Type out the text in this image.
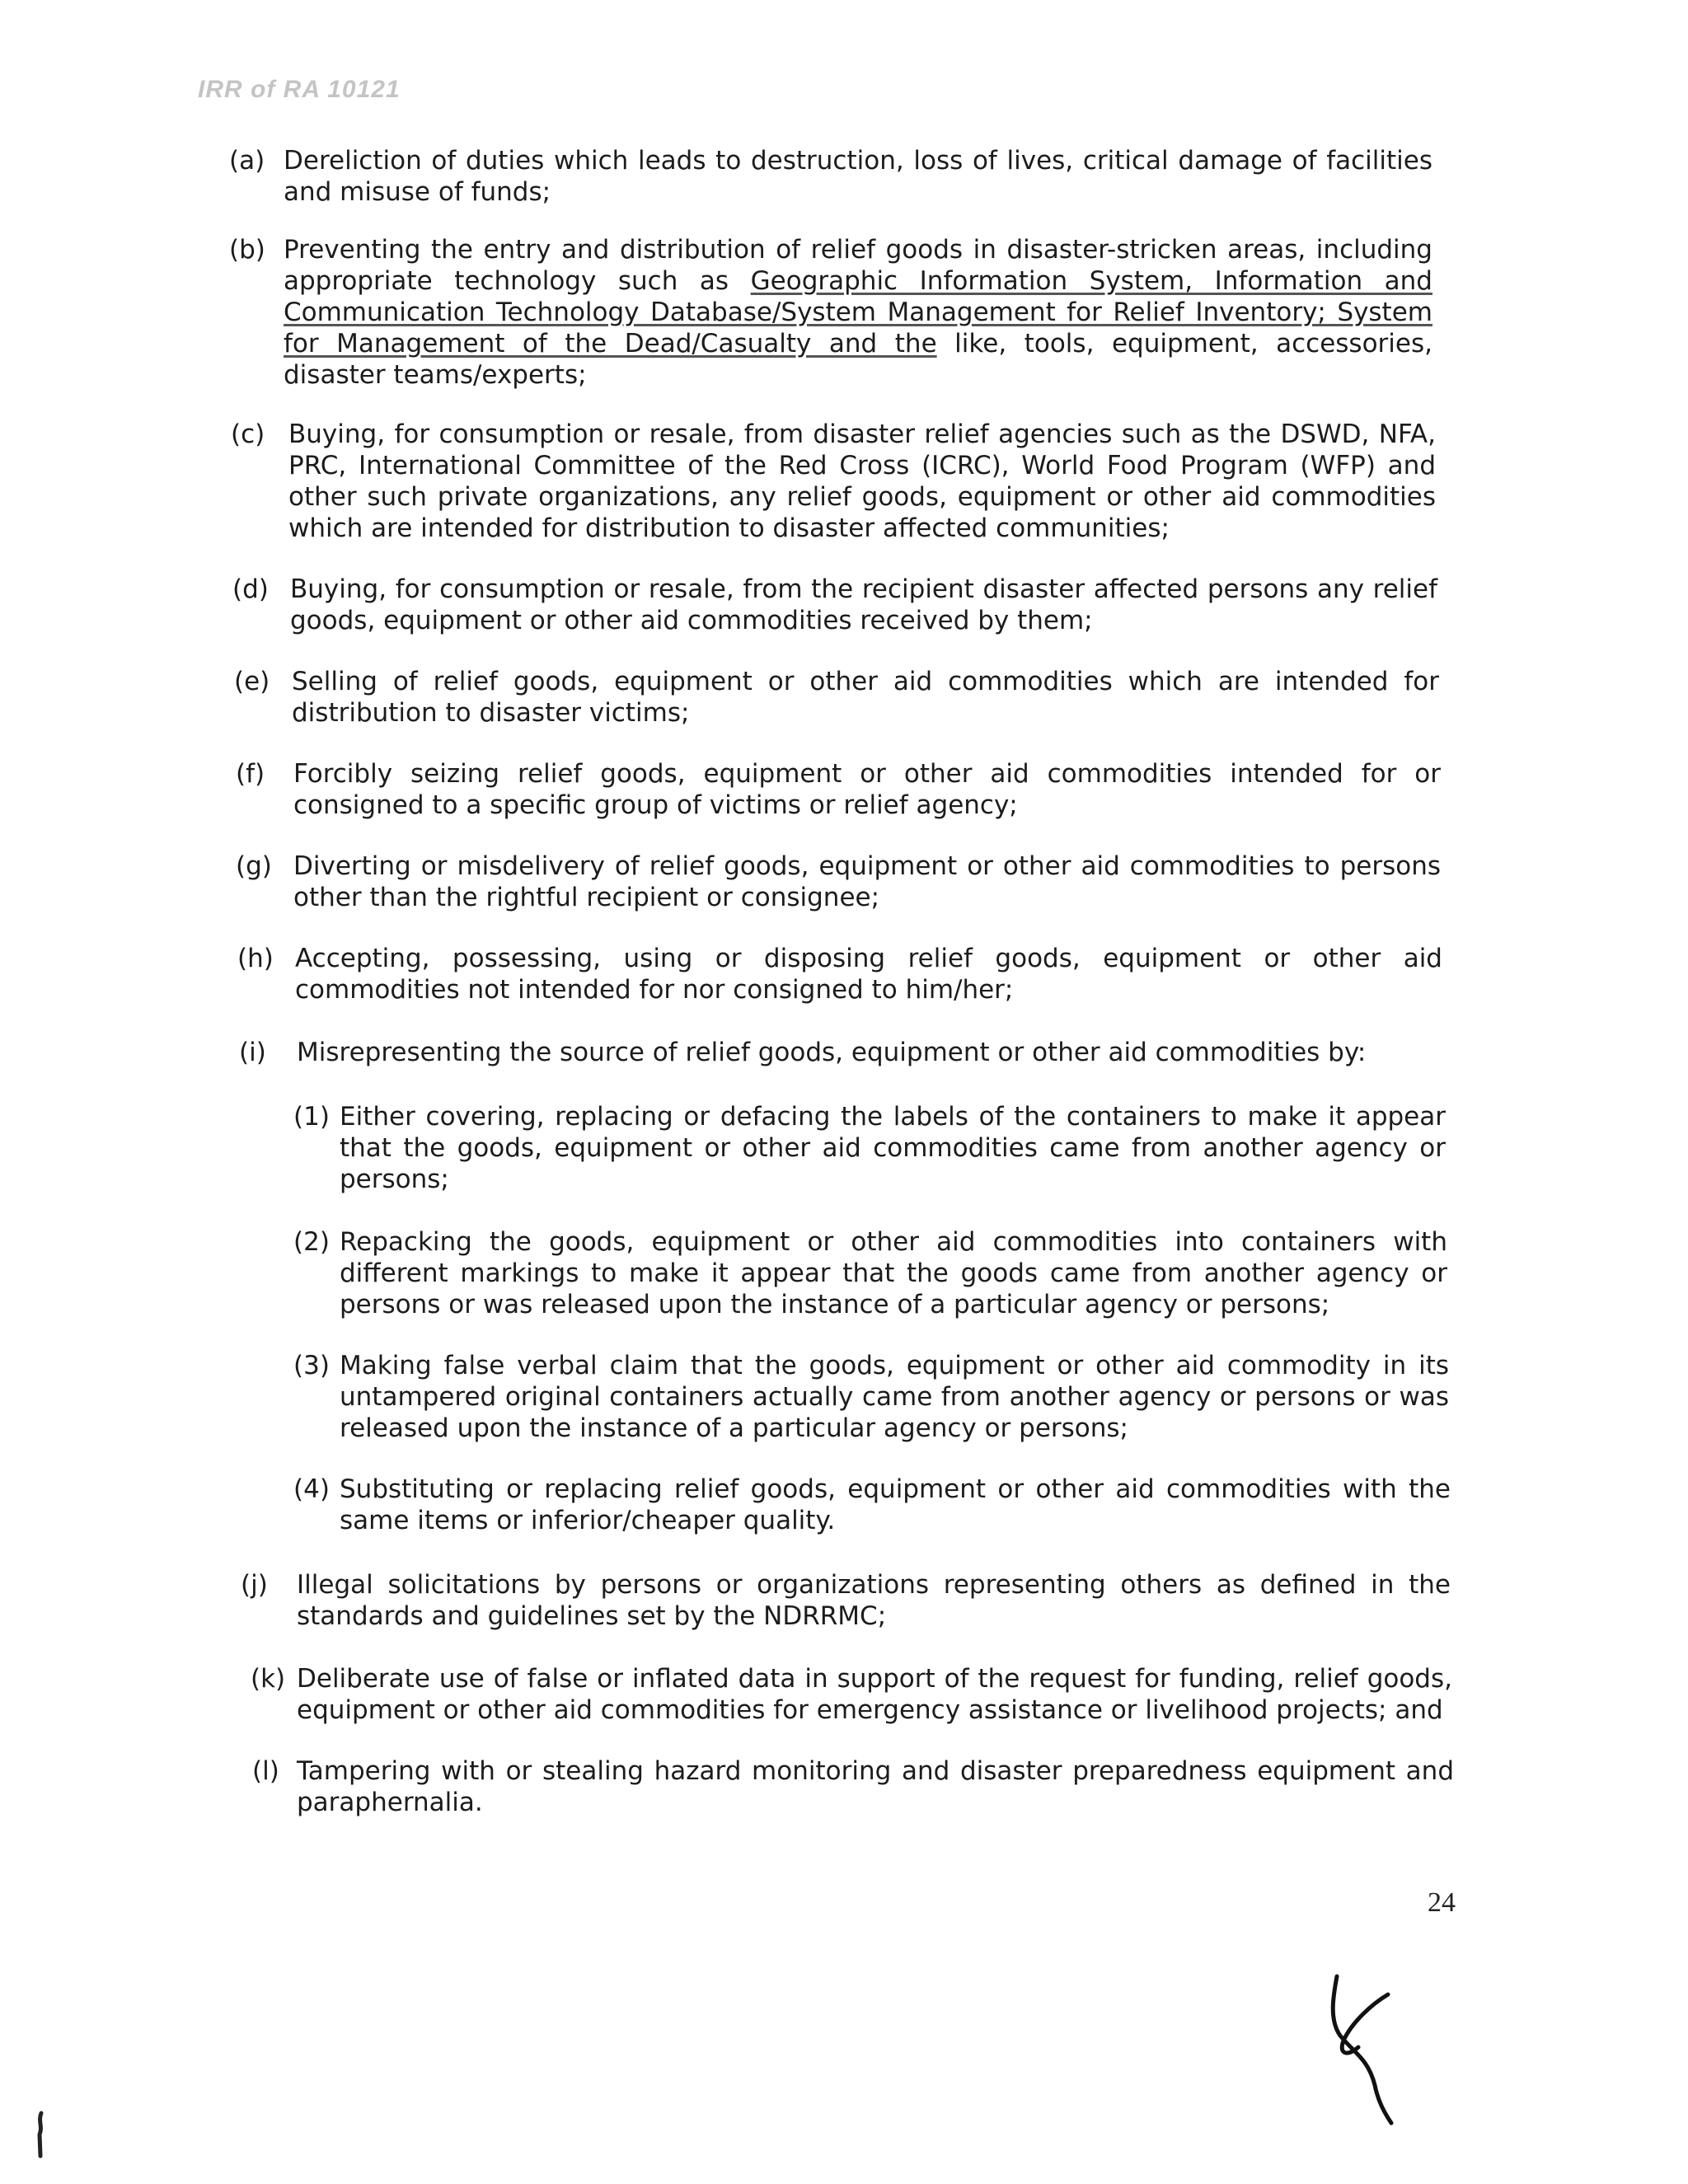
IRR of RA 10121
(a) Dereliction of duties which leads to destruction, loss of lives, critical damage of facilities and misuse of funds;
(b) Preventing the entry and distribution of relief goods in disaster-stricken areas, including appropriate technology such as Geographic Information System, Information and Communication Technology Database/System Management for Relief Inventory; System for Management of the Dead/Casualty and the like, tools, equipment, accessories, disaster teams/experts;
(c) Buying, for consumption or resale, from disaster relief agencies such as the DSWD, NFA, PRC, International Committee of the Red Cross (ICRC), World Food Program (WFP) and other such private organizations, any relief goods, equipment or other aid commodities which are intended for distribution to disaster affected communities;
(d) Buying, for consumption or resale, from the recipient disaster affected persons any relief goods, equipment or other aid commodities received by them;
(e) Selling of relief goods, equipment or other aid commodities which are intended for distribution to disaster victims;
(f) Forcibly seizing relief goods, equipment or other aid commodities intended for or consigned to a specific group of victims or relief agency;
(g) Diverting or misdelivery of relief goods, equipment or other aid commodities to persons other than the rightful recipient or consignee;
(h) Accepting, possessing, using or disposing relief goods, equipment or other aid commodities not intended for nor consigned to him/her;
(i) Misrepresenting the source of relief goods, equipment or other aid commodities by:
(1) Either covering, replacing or defacing the labels of the containers to make it appear that the goods, equipment or other aid commodities came from another agency or persons;
(2) Repacking the goods, equipment or other aid commodities into containers with different markings to make it appear that the goods came from another agency or persons or was released upon the instance of a particular agency or persons;
(3) Making false verbal claim that the goods, equipment or other aid commodity in its untampered original containers actually came from another agency or persons or was released upon the instance of a particular agency or persons;
(4) Substituting or replacing relief goods, equipment or other aid commodities with the same items or inferior/cheaper quality.
(j) Illegal solicitations by persons or organizations representing others as defined in the standards and guidelines set by the NDRRMC;
(k) Deliberate use of false or inflated data in support of the request for funding, relief goods, equipment or other aid commodities for emergency assistance or livelihood projects; and
(l) Tampering with or stealing hazard monitoring and disaster preparedness equipment and paraphernalia.
24
